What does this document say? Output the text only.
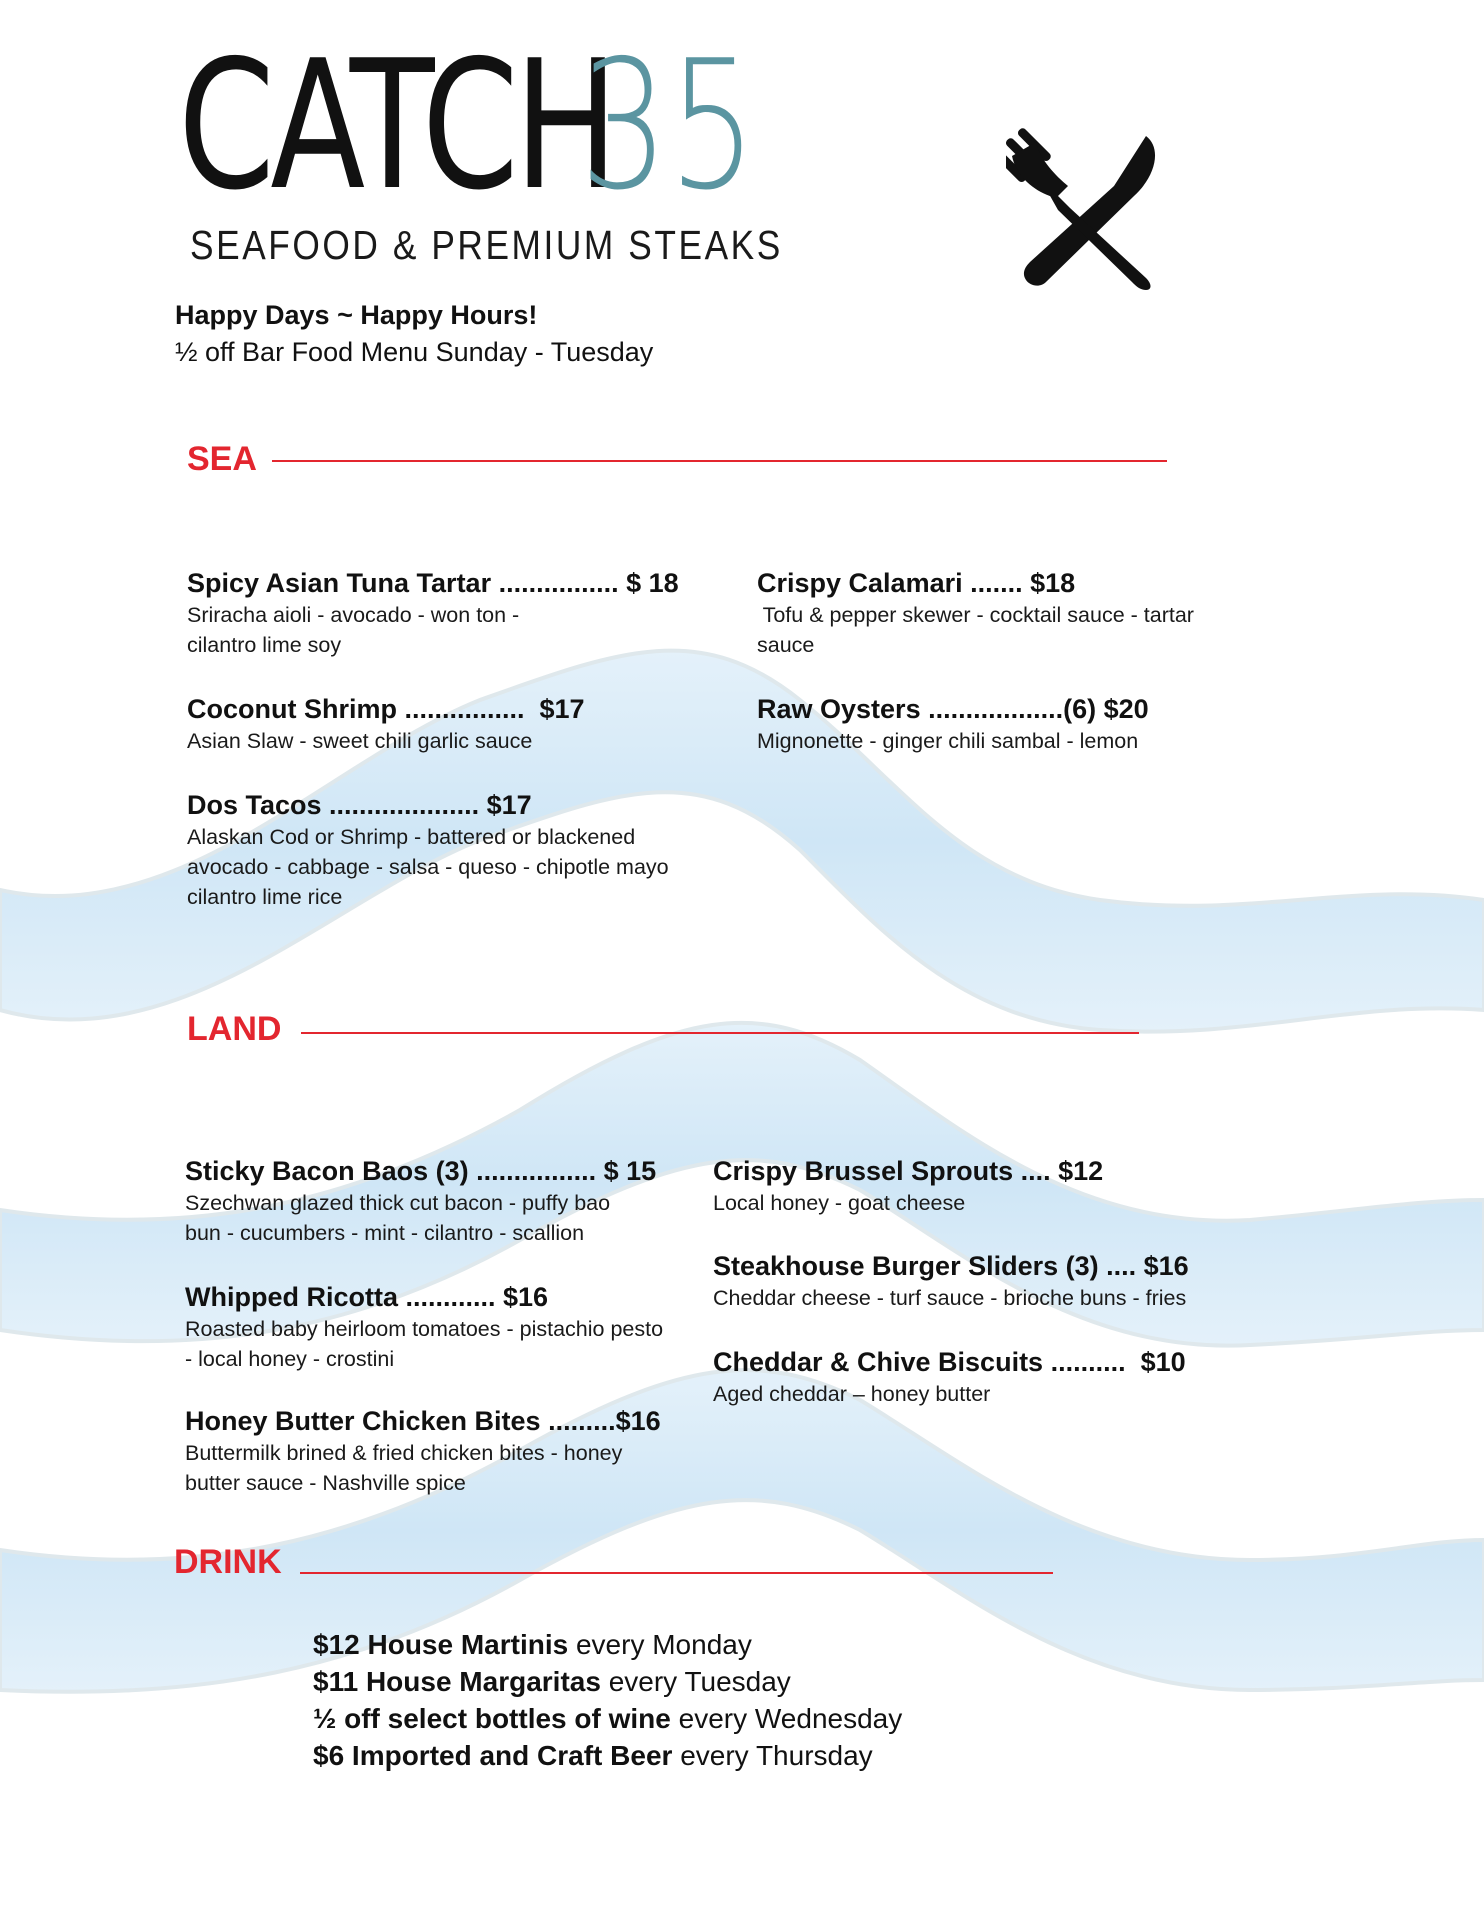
CATCH
35
SEAFOOD & PREMIUM STEAKS
Happy Days ~ Happy Hours!
½ off Bar Food Menu Sunday - Tuesday
SEA
Spicy Asian Tuna Tartar ................ $ 18
Sriracha aioli - avocado - won ton -
cilantro lime soy
Crispy Calamari ....... $18
Tofu & pepper skewer - cocktail sauce - tartar
sauce
Coconut Shrimp ................  $17
Asian Slaw - sweet chili garlic sauce
Raw Oysters ..................(6) $20
Mignonette - ginger chili sambal - lemon
Dos Tacos .................... $17
Alaskan Cod or Shrimp - battered or blackened
avocado - cabbage - salsa - queso - chipotle mayo
cilantro lime rice
LAND
Sticky Bacon Baos (3) ................ $ 15
Szechwan glazed thick cut bacon - puffy bao
bun - cucumbers - mint - cilantro - scallion
Crispy Brussel Sprouts .... $12
Local honey - goat cheese
Whipped Ricotta ............ $16
Roasted baby heirloom tomatoes - pistachio pesto
- local honey - crostini
Steakhouse Burger Sliders (3) .... $16
Cheddar cheese - turf sauce - brioche buns - fries
Honey Butter Chicken Bites .........$16
Buttermilk brined & fried chicken bites - honey
butter sauce - Nashville spice
Cheddar & Chive Biscuits ..........  $10
Aged cheddar – honey butter
DRINK
$12 House Martinis every Monday
$11 House Margaritas every Tuesday
½ off select bottles of wine every Wednesday
$6 Imported and Craft Beer every Thursday
